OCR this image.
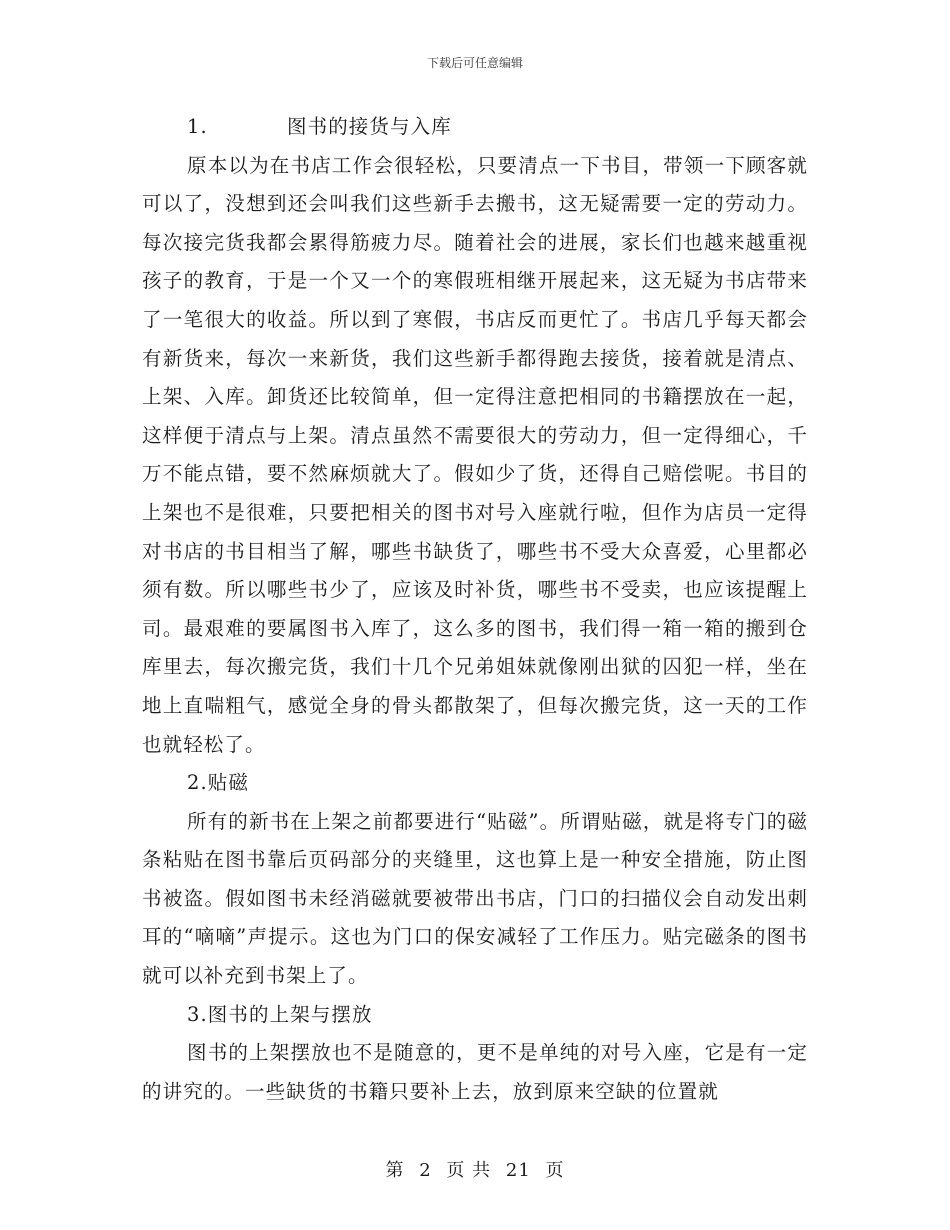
下载后可任意编辑

1.	图书的接货与入库

原本以为在书店工作会很轻松，只要清点一下书目，带领一下顾客就可以了，没想到还会叫我们这些新手去搬书，这无疑需要一定的劳动力。每次接完货我都会累得筋疲力尽。随着社会的进展，家长们也越来越重视孩子的教育，于是一个又一个的寒假班相继开展起来，这无疑为书店带来了一笔很大的收益。所以到了寒假，书店反而更忙了。书店几乎每天都会有新货来，每次一来新货，我们这些新手都得跑去接货，接着就是清点、上架、入库。卸货还比较简单，但一定得注意把相同的书籍摆放在一起，这样便于清点与上架。清点虽然不需要很大的劳动力，但一定得细心，千万不能点错，要不然麻烦就大了。假如少了货，还得自己赔偿呢。书目的上架也不是很难，只要把相关的图书对号入座就行啦，但作为店员一定得对书店的书目相当了解，哪些书缺货了，哪些书不受大众喜爱，心里都必须有数。所以哪些书少了，应该及时补货，哪些书不受卖，也应该提醒上司。最艰难的要属图书入库了，这么多的图书，我们得一箱一箱的搬到仓库里去，每次搬完货，我们十几个兄弟姐妹就像刚出狱的囚犯一样，坐在地上直喘粗气，感觉全身的骨头都散架了，但每次搬完货，这一天的工作也就轻松了。

2.贴磁

所有的新书在上架之前都要进行“贴磁”。所谓贴磁，就是将专门的磁条粘贴在图书靠后页码部分的夹缝里，这也算上是一种安全措施，防止图书被盗。假如图书未经消磁就要被带出书店，门口的扫描仪会自动发出刺耳的“嘀嘀”声提示。这也为门口的保安减轻了工作压力。贴完磁条的图书就可以补充到书架上了。

3.图书的上架与摆放

图书的上架摆放也不是随意的，更不是单纯的对号入座，它是有一定的讲究的。一些缺货的书籍只要补上去，放到原来空缺的位置就

第 2 页 共 21 页
